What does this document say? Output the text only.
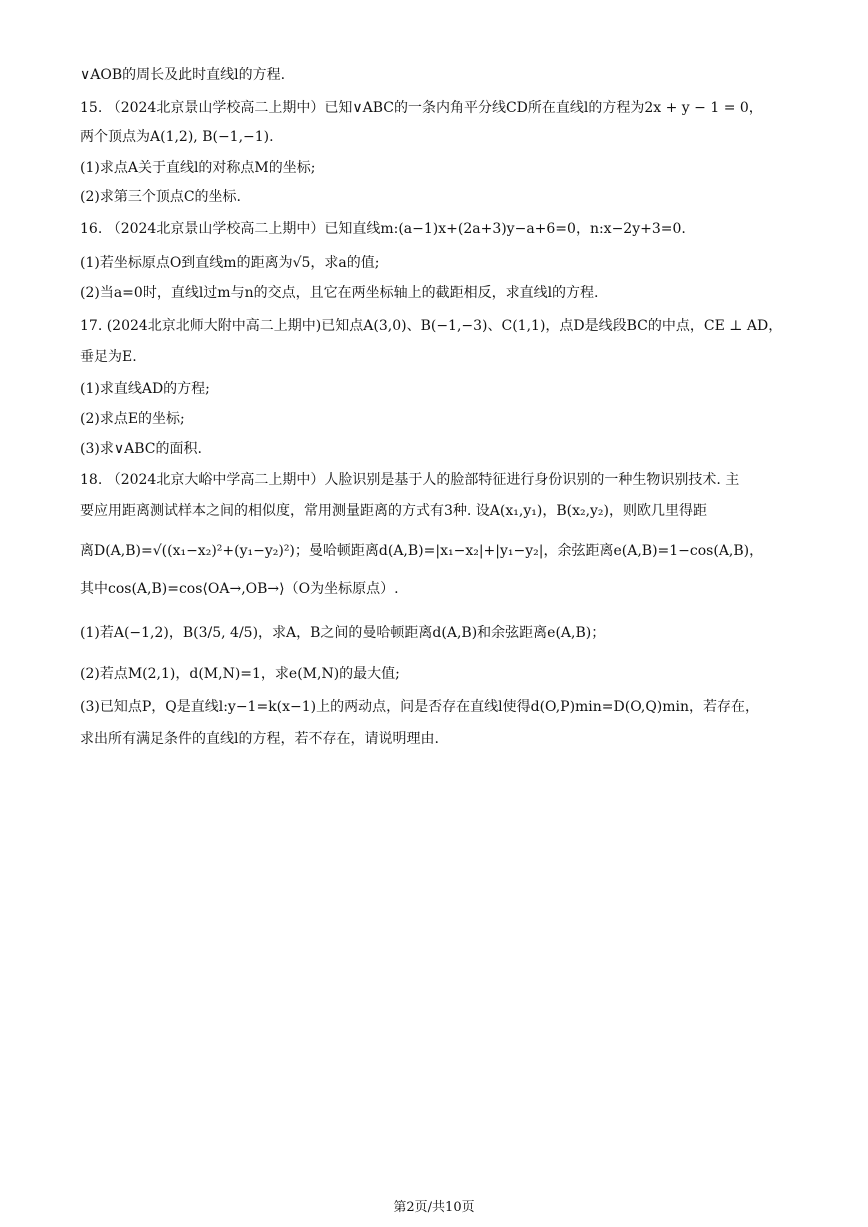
∨AOB的周长及此时直线l的方程.
15. （2024北京景山学校高二上期中）已知∨ABC的一条内角平分线CD所在直线l的方程为2x + y − 1 = 0，
两个顶点为A(1,2), B(−1,−1).
(1)求点A关于直线l的对称点M的坐标;
(2)求第三个顶点C的坐标.
16. （2024北京景山学校高二上期中）已知直线m:(a−1)x+(2a+3)y−a+6=0，n:x−2y+3=0.
(1)若坐标原点O到直线m的距离为√5，求a的值;
(2)当a=0时，直线l过m与n的交点，且它在两坐标轴上的截距相反，求直线l的方程.
17. (2024北京北师大附中高二上期中)已知点A(3,0)、B(−1,−3)、C(1,1)，点D是线段BC的中点，CE ⊥ AD，
垂足为E.
(1)求直线AD的方程;
(2)求点E的坐标;
(3)求∨ABC的面积.
18. （2024北京大峪中学高二上期中）人脸识别是基于人的脸部特征进行身份识别的一种生物识别技术. 主
要应用距离测试样本之间的相似度，常用测量距离的方式有3种. 设A(x₁,y₁)，B(x₂,y₂)，则欧几里得距
离D(A,B)=√((x₁−x₂)²+(y₁−y₂)²)；曼哈顿距离d(A,B)=|x₁−x₂|+|y₁−y₂|，余弦距离e(A,B)=1−cos(A,B)，
其中cos(A,B)=cos⟨OA→,OB→⟩（O为坐标原点）.
(1)若A(−1,2)，B(3/5, 4/5)，求A，B之间的曼哈顿距离d(A,B)和余弦距离e(A,B)；
(2)若点M(2,1)，d(M,N)=1，求e(M,N)的最大值;
(3)已知点P，Q是直线l:y−1=k(x−1)上的两动点，问是否存在直线l使得d(O,P)min=D(O,Q)min，若存在，
求出所有满足条件的直线l的方程，若不存在，请说明理由.
第2页/共10页
